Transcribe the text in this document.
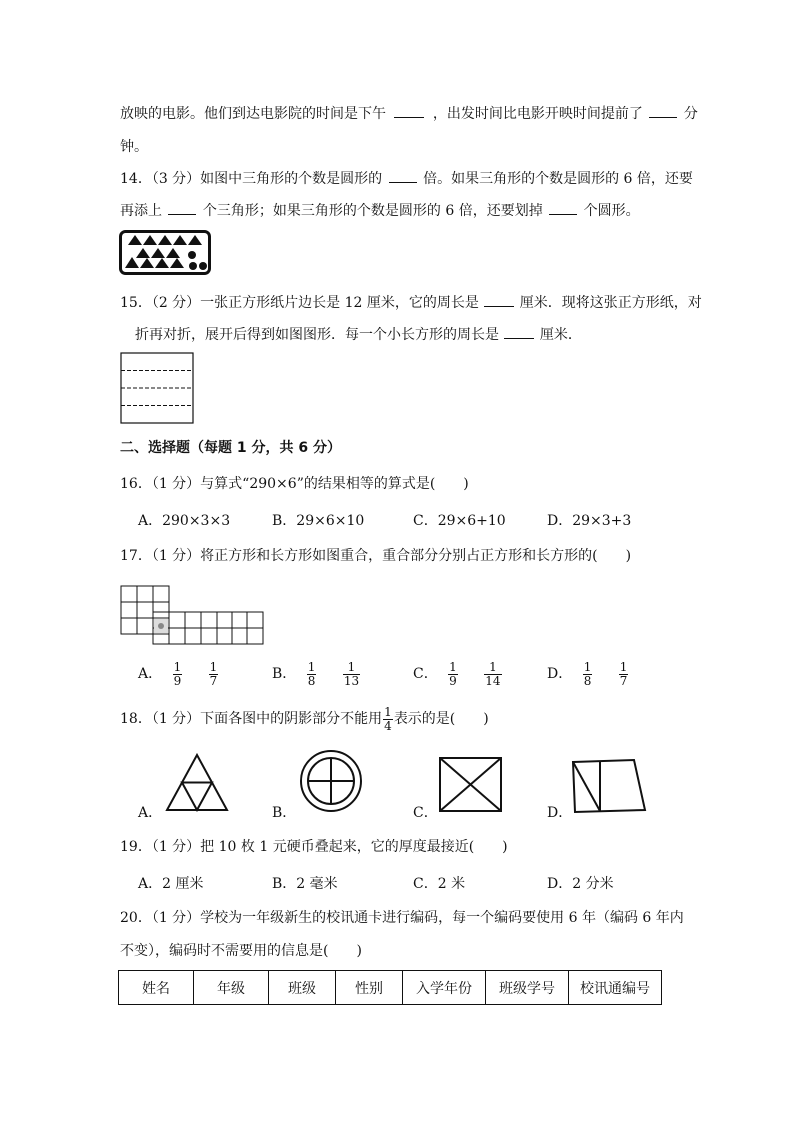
放映的电影。他们到达电影院的时间是下午	，出发时间比电影开映时间提前了	分
钟。
14．（3 分）如图中三角形的个数是圆形的	倍。如果三角形的个数是圆形的 6 倍，还要
再添上	个三角形；如果三角形的个数是圆形的 6 倍，还要划掉	个圆形。
15．（2 分）一张正方形纸片边长是 12 厘米，它的周长是	厘米．现将这张正方形纸，对
折再对折，展开后得到如图图形．每一个小长方形的周长是	厘米．
二、选择题（每题 1 分，共 6 分）
16．（1 分）与算式“290×6”的结果相等的算式是(　　)
A．290×3×3	B．29×6×10	C．29×6+10	D．29×3+3
17．（1 分）将正方形和长方形如图重合，重合部分分别占正方形和长方形的(　　)
A． $\frac{1}{9}$
$\frac{1}{7}$	B． $\frac{1}{8}$
$\frac{1}{13}$	C． $\frac{1}{9}$
$\frac{1}{14}$	D． $\frac{1}{8}$
$\frac{1}{7}$
18．（1 分）下面各图中的阴影部分不能用 $\frac{1}{4}$ 表示的是(　　)
A．	B．	C．	D．
19．（1 分）把 10 枚 1 元硬币叠起来，它的厚度最接近(　　)
A．2 厘米	B．2 毫米	C．2 米	D．2 分米
20．（1 分）学校为一年级新生的校讯通卡进行编码，每一个编码要使用 6 年（编码 6 年内
不变），编码时不需要用的信息是(　　)
姓名	年级	班级	性别	入学年份	班级学号	校讯通编号
